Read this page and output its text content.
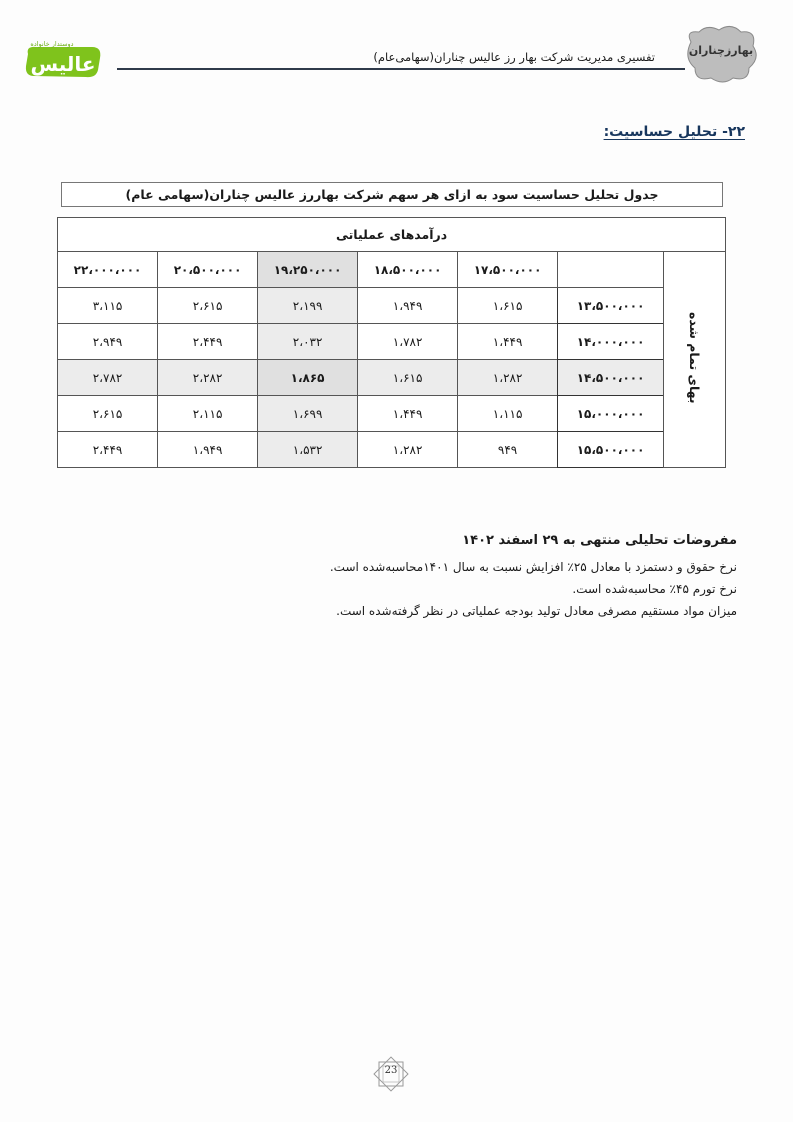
عالیس
دوستدار خانواده
تفسیری مدیریت شرکت بهار رز عالیس چناران(سهامی‌عام)	بهارزچناران
۲۲- تحلیل حساسیت:
جدول تحلیل حساسیت سود به ازای هر سهم شرکت بهاررز عالیس چناران(سهامی عام)
درآمدهای عملیاتی						
بهای تمام شده		۱۷،۵۰۰،۰۰۰	۱۸،۵۰۰،۰۰۰	۱۹،۲۵۰،۰۰۰	۲۰،۵۰۰،۰۰۰	۲۲،۰۰۰،۰۰۰
	۱۳،۵۰۰،۰۰۰	۱،۶۱۵	۱،۹۴۹	۲،۱۹۹	۲،۶۱۵	۳،۱۱۵
	۱۴،۰۰۰،۰۰۰	۱،۴۴۹	۱،۷۸۲	۲،۰۳۲	۲،۴۴۹	۲،۹۴۹
	۱۴،۵۰۰،۰۰۰	۱،۲۸۲	۱،۶۱۵	۱،۸۶۵	۲،۲۸۲	۲،۷۸۲
	۱۵،۰۰۰،۰۰۰	۱،۱۱۵	۱،۴۴۹	۱،۶۹۹	۲،۱۱۵	۲،۶۱۵
	۱۵،۵۰۰،۰۰۰	۹۴۹	۱،۲۸۲	۱،۵۳۲	۱،۹۴۹	۲،۴۴۹
مفروضات تحلیلی منتهی به ۲۹ اسفند ۱۴۰۲

نرخ حقوق و دستمزد با معادل ۲۵٪ افزایش نسبت به سال ۱۴۰۱محاسبه‌شده است.

نرخ تورم ۴۵٪ محاسبه‌شده است.

میزان مواد مستقیم مصرفی معادل تولید بودجه عملیاتی در نظر گرفته‌شده است.

23
